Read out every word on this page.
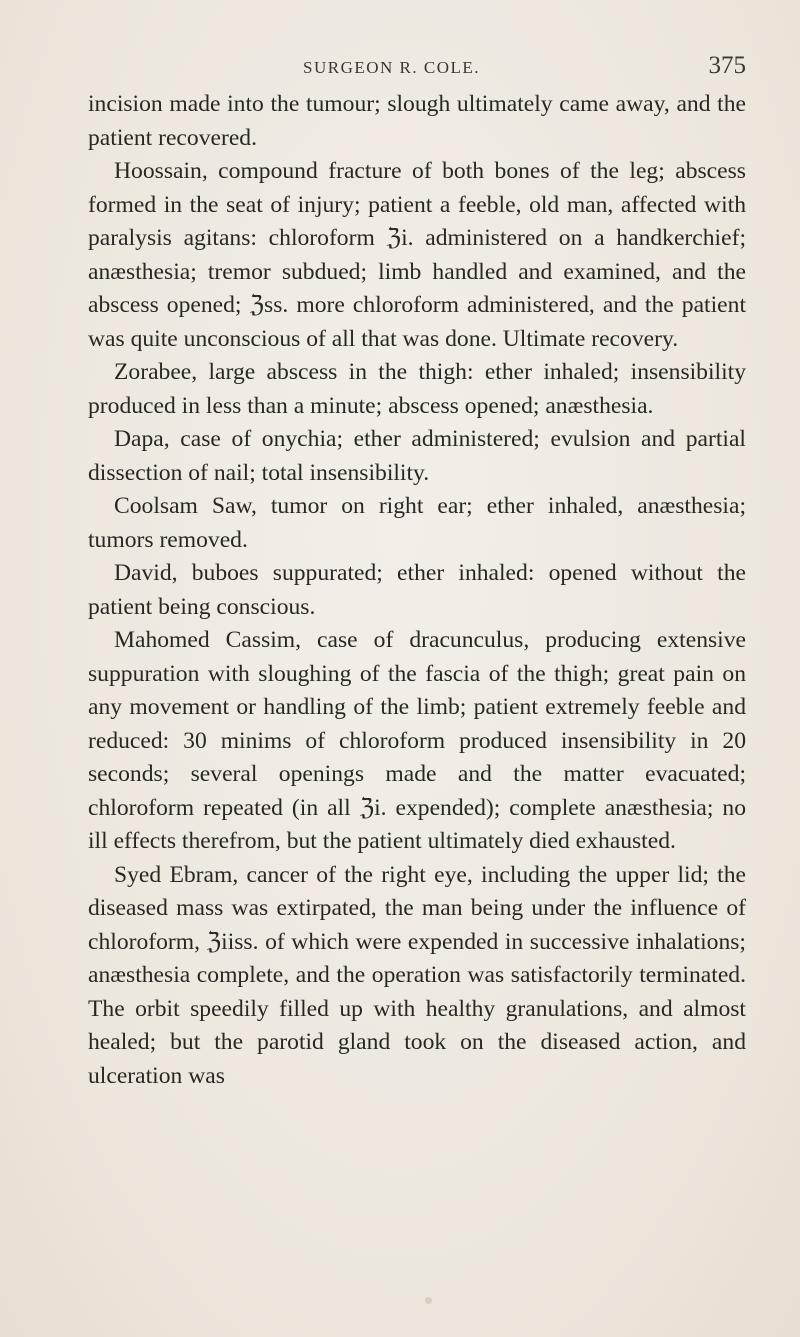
SURGEON R. COLE.	375

incision made into the tumour; slough ultimately came away, and the patient recovered.

Hoossain, compound fracture of both bones of the leg; abscess formed in the seat of injury; patient a feeble, old man, affected with paralysis agitans: chloroform ℨi. administered on a handkerchief; anæsthesia; tremor subdued; limb handled and examined, and the abscess opened; ℨss. more chloroform administered, and the patient was quite unconscious of all that was done. Ultimate recovery.

Zorabee, large abscess in the thigh: ether inhaled; insensibility produced in less than a minute; abscess opened; anæsthesia.

Dapa, case of onychia; ether administered; evulsion and partial dissection of nail; total insensibility.

Coolsam Saw, tumor on right ear; ether inhaled, anæsthesia; tumors removed.

David, buboes suppurated; ether inhaled: opened without the patient being conscious.

Mahomed Cassim, case of dracunculus, producing extensive suppuration with sloughing of the fascia of the thigh; great pain on any movement or handling of the limb; patient extremely feeble and reduced: 30 minims of chloroform produced insensibility in 20 seconds; several openings made and the matter evacuated; chloroform repeated (in all ℨi. expended); complete anæsthesia; no ill effects therefrom, but the patient ultimately died exhausted.

Syed Ebram, cancer of the right eye, including the upper lid; the diseased mass was extirpated, the man being under the influence of chloroform, ℨiiss. of which were expended in successive inhalations; anæsthesia complete, and the operation was satisfactorily terminated. The orbit speedily filled up with healthy granulations, and almost healed; but the parotid gland took on the diseased action, and ulceration was
